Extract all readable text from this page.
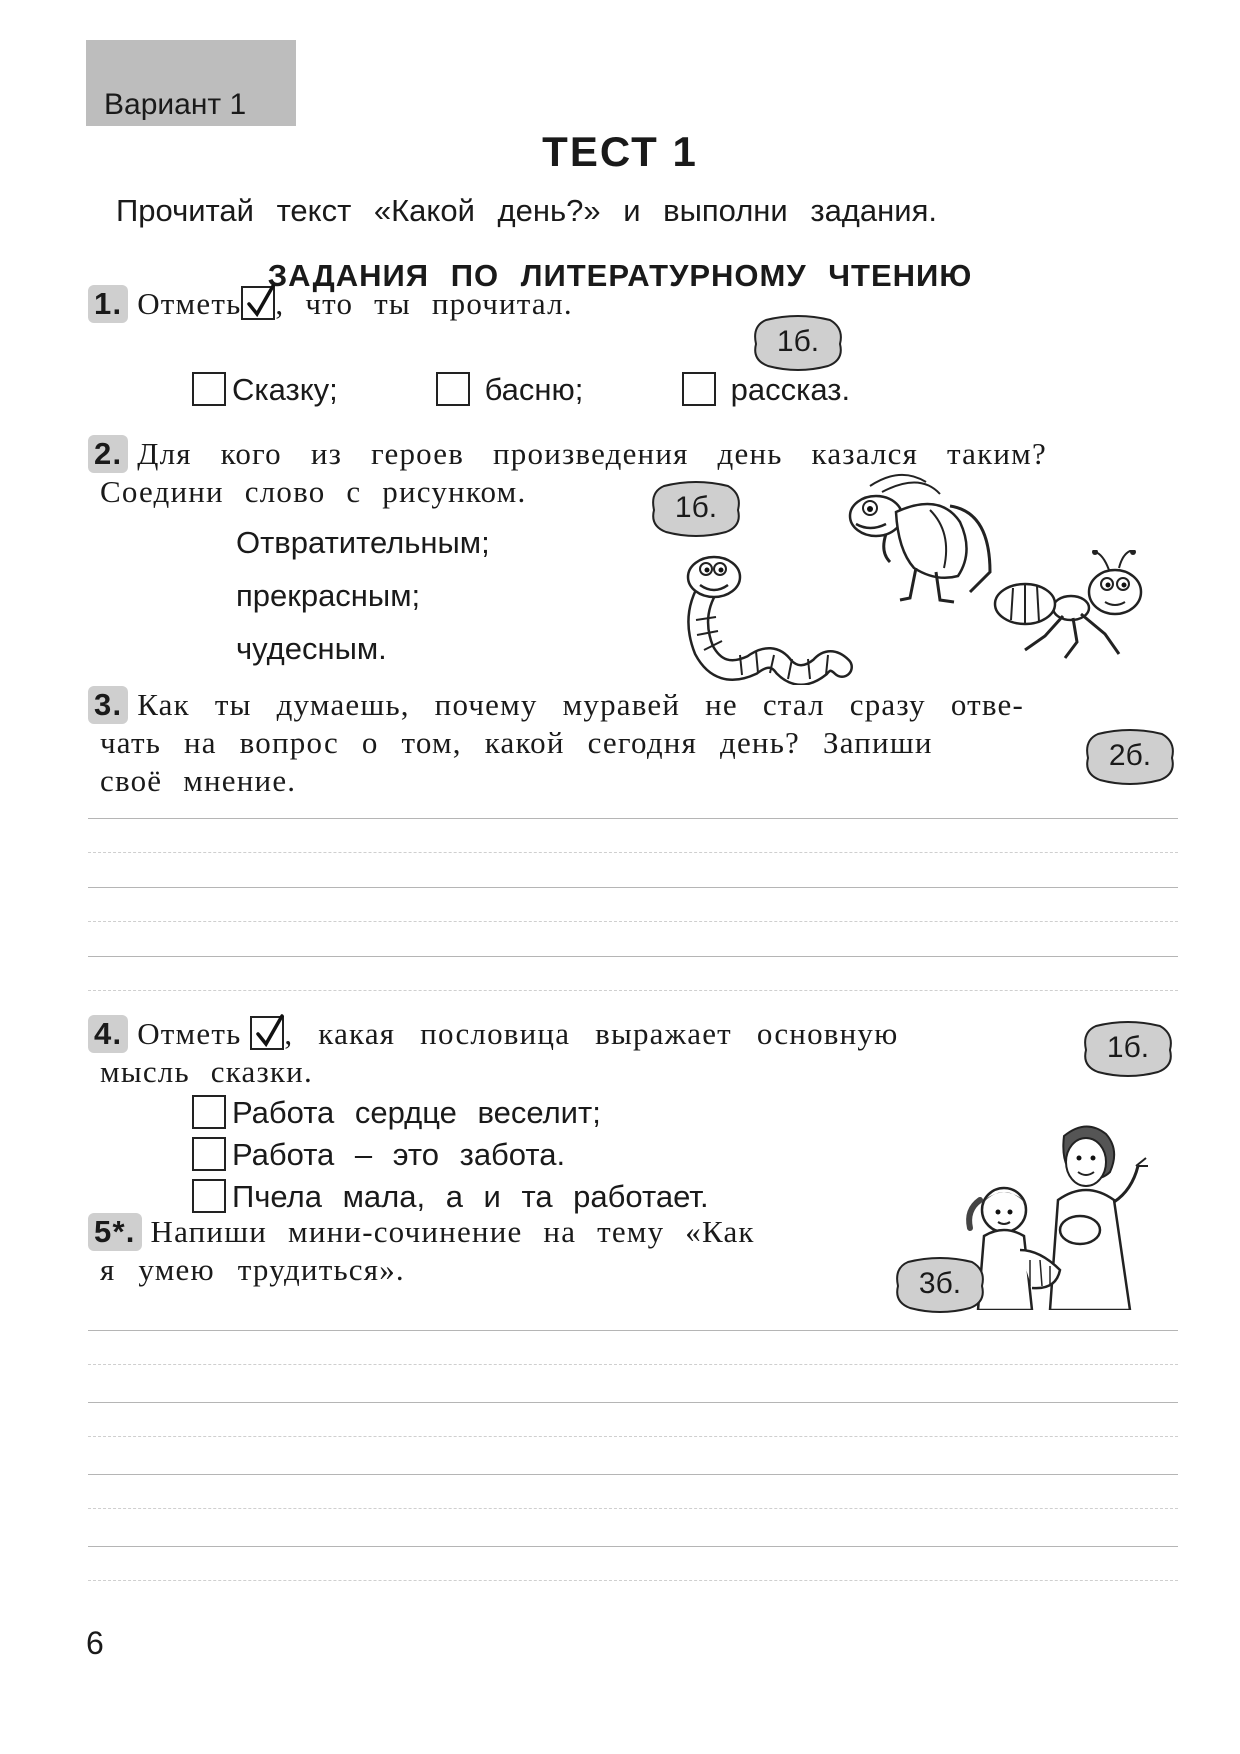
Вариант 1
ТЕСТ 1
Прочитай текст «Какой день?» и выполни задания.
ЗАДАНИЯ ПО ЛИТЕРАТУРНОМУ ЧТЕНИЮ
1. Отметь , что ты прочитал.
1б.
Сказку;	басню;	рассказ.
2. Для кого из героев произведения день казался таким?
Соедини слово с рисунком.	1б.
Отвратительным;
прекрасным;
чудесным.
3. Как ты думаешь, почему муравей не стал сразу отве-
чать на вопрос о том, какой сегодня день? Запиши
своё мнение.
2б.
4. Отметь , какая пословица выражает основную
мысль сказки.
1б.
Работа сердце веселит;
Работа – это забота.
Пчела мала, а и та работает.
5*. Напиши мини-сочинение на тему «Как
я умею трудиться».	3б.
6
